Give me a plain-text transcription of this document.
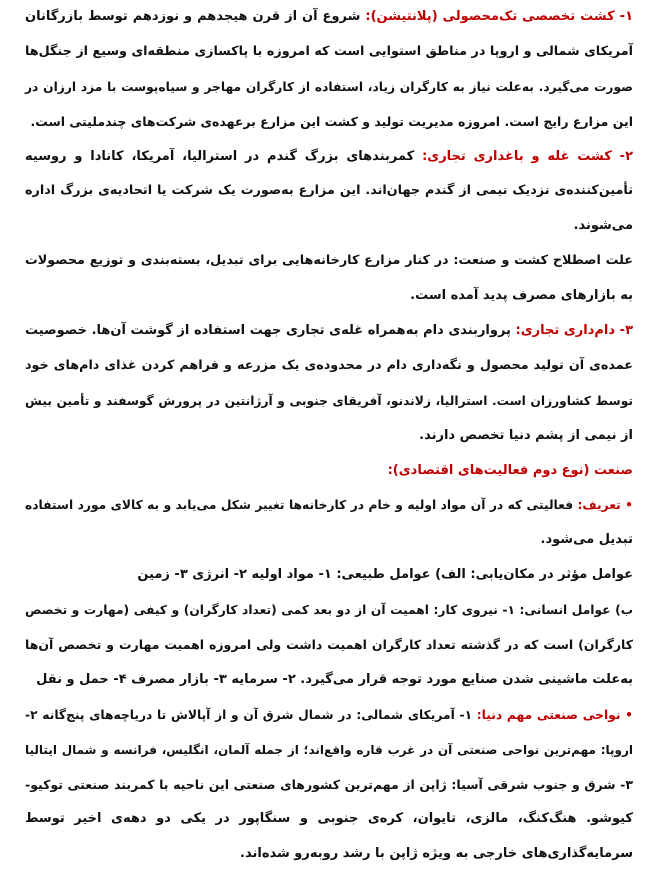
۱- کشت تخصصی تک‌محصولی (پلانتیشن): شروع آن از قرن هیجدهم و نوزدهم توسط بازرگانان
آمریکای شمالی و اروپا در مناطق استوایی است که امروزه با پاکسازی منطقه‌ای وسیع از جنگل‌ها
صورت می‌گیرد. به‌علت نیاز به کارگران زیاد، استفاده از کارگران مهاجر و سیاه‌پوست با مزد ارزان در
این مزارع رایج است. امروزه مدیریت تولید و کشت این مزارع برعهده‌ی شرکت‌های چندملیتی است.
۲- کشت غله و باغداری تجاری: کمربندهای بزرگ گندم در استرالیا، آمریکا، کانادا و روسیه
تأمین‌کننده‌ی نزدیک نیمی از گندم جهان‌اند. این مزارع به‌صورت یک شرکت یا اتحادیه‌ی بزرگ اداره
می‌شوند.
علت اصطلاح کشت و صنعت: در کنار مزارع کارخانه‌هایی برای تبدیل، بسته‌بندی و توزیع محصولات
به بازارهای مصرف پدید آمده است.
۳- دام‌داری تجاری: پرواربندی دام به‌همراه غله‌ی تجاری جهت استفاده از گوشت آن‌ها. خصوصیت
عمده‌ی آن تولید محصول و نگه‌داری دام در محدوده‌ی یک مزرعه و فراهم کردن غذای دام‌های خود
توسط کشاورزان است. استرالیا، زلاندنو، آفریقای جنوبی و آرژانتین در پرورش گوسفند و تأمین بیش
از نیمی از پشم دنیا تخصص دارند.
صنعت (نوع دوم فعالیت‌های اقتصادی):
• تعریف: فعالیتی که در آن مواد اولیه و خام در کارخانه‌ها تغییر شکل می‌یابد و به کالای مورد استفاده
تبدیل می‌شود.
عوامل مؤثر در مکان‌یابی: الف) عوامل طبیعی: ۱- مواد اولیه ۲- انرژی ۳- زمین
ب) عوامل انسانی: ۱- نیروی کار: اهمیت آن از دو بعد کمی (تعداد کارگران) و کیفی (مهارت و تخصص
کارگران) است که در گذشته تعداد کارگران اهمیت داشت ولی امروزه اهمیت مهارت و تخصص آن‌ها
به‌علت ماشینی شدن صنایع مورد توجه قرار می‌گیرد. ۲- سرمایه ۳- بازار مصرف ۴- حمل و نقل
• نواحی صنعتی مهم دنیا: ۱- آمریکای شمالی: در شمال شرق آن و از آپالاش تا دریاچه‌های پنج‌گانه ۲-
اروپا: مهم‌ترین نواحی صنعتی آن در غرب قاره واقع‌اند؛ از جمله آلمان، انگلیس، فرانسه و شمال ایتالیا
۳- شرق و جنوب شرقی آسیا: ژاپن از مهم‌ترین کشورهای صنعتی این ناحیه با کمربند صنعتی توکیو-
کیوشو. هنگ‌کنگ، مالزی، تایوان، کره‌ی جنوبی و سنگاپور در یکی دو دهه‌ی اخیر توسط
سرمایه‌گذاری‌های خارجی به ویژه ژاپن با رشد روبه‌رو شده‌اند.
